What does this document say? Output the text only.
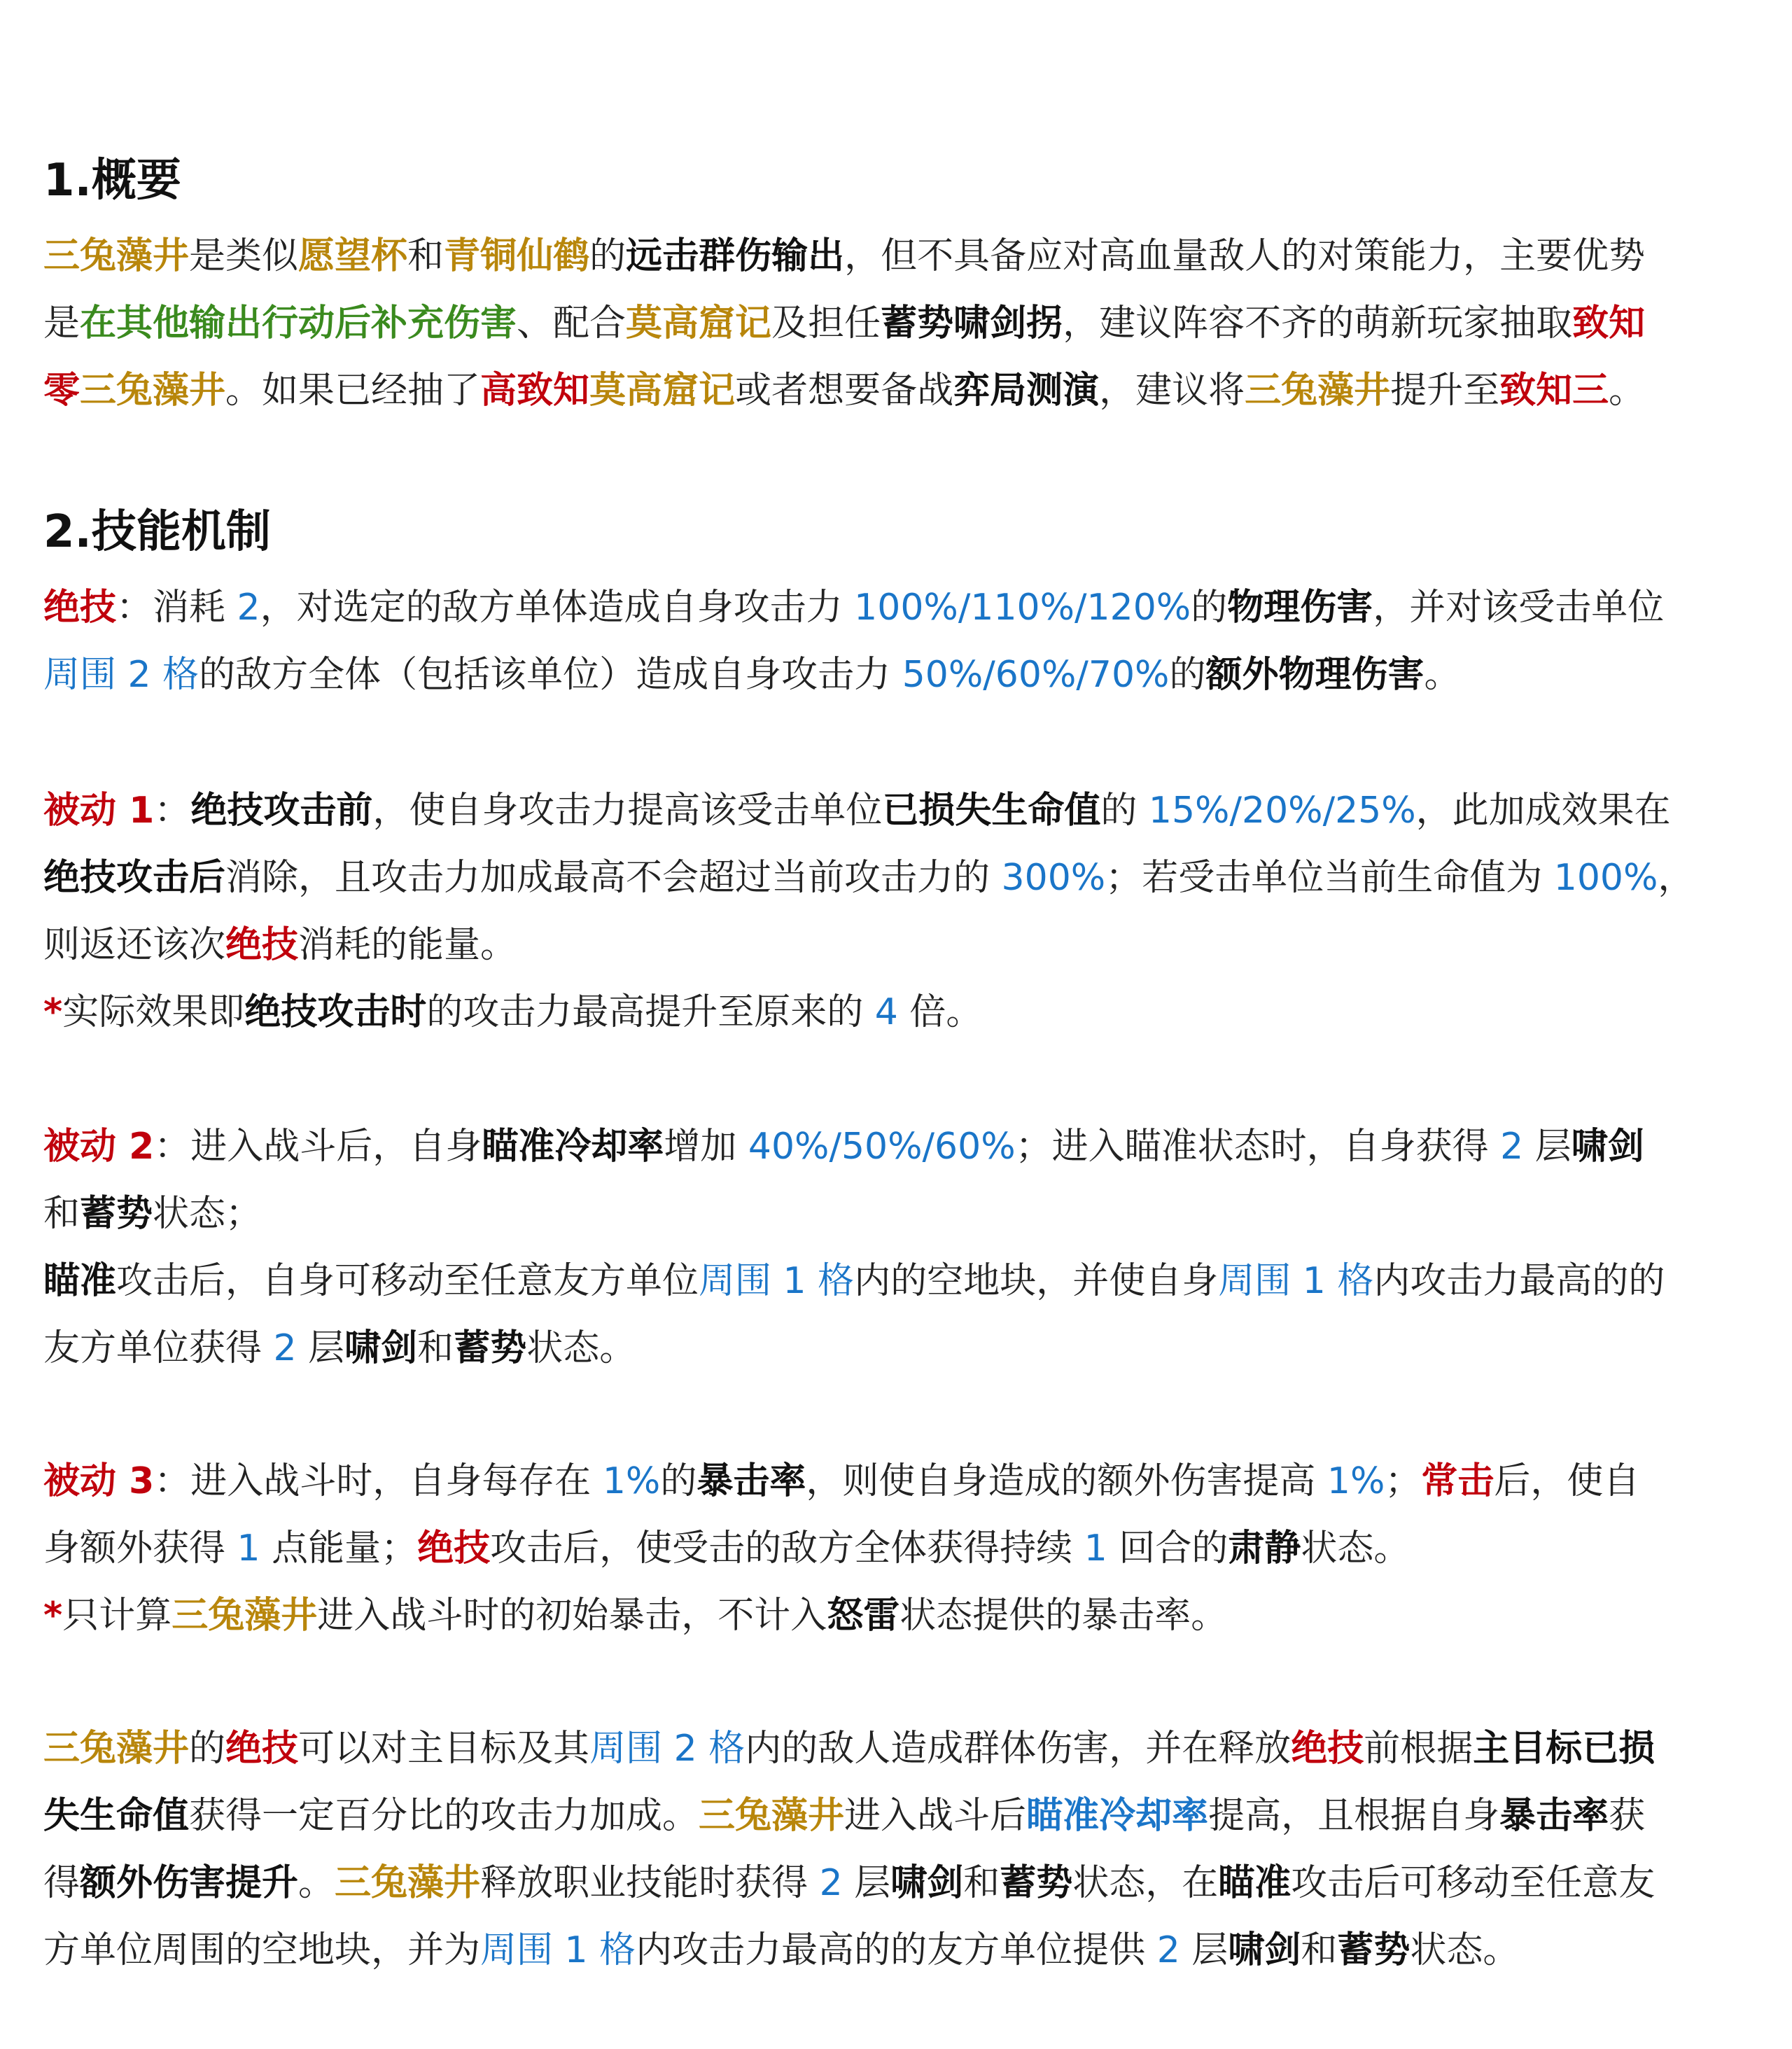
1.概要
三兔藻井是类似愿望杯和青铜仙鹤的远击群伤输出，但不具备应对高血量敌人的对策能力，主要优势
是在其他输出行动后补充伤害、配合莫高窟记及担任蓄势啸剑拐，建议阵容不齐的萌新玩家抽取致知
零三兔藻井。如果已经抽了高致知莫高窟记或者想要备战弈局测演，建议将三兔藻井提升至致知三。
2.技能机制
绝技：消耗 2，对选定的敌方单体造成自身攻击力 100%/110%/120%的物理伤害，并对该受击单位
周围 2 格的敌方全体（包括该单位）造成自身攻击力 50%/60%/70%的额外物理伤害。
被动 1：绝技攻击前，使自身攻击力提高该受击单位已损失生命值的 15%/20%/25%，此加成效果在
绝技攻击后消除，且攻击力加成最高不会超过当前攻击力的 300%；若受击单位当前生命值为 100%，
则返还该次绝技消耗的能量。
*实际效果即绝技攻击时的攻击力最高提升至原来的 4 倍。
被动 2：进入战斗后，自身瞄准冷却率增加 40%/50%/60%；进入瞄准状态时，自身获得 2 层啸剑
和蓄势状态；
瞄准攻击后，自身可移动至任意友方单位周围 1 格内的空地块，并使自身周围 1 格内攻击力最高的的
友方单位获得 2 层啸剑和蓄势状态。
被动 3：进入战斗时，自身每存在 1%的暴击率，则使自身造成的额外伤害提高 1%；常击后，使自
身额外获得 1 点能量；绝技攻击后，使受击的敌方全体获得持续 1 回合的肃静状态。
*只计算三兔藻井进入战斗时的初始暴击，不计入怒雷状态提供的暴击率。
三兔藻井的绝技可以对主目标及其周围 2 格内的敌人造成群体伤害，并在释放绝技前根据主目标已损
失生命值获得一定百分比的攻击力加成。三兔藻井进入战斗后瞄准冷却率提高，且根据自身暴击率获
得额外伤害提升。三兔藻井释放职业技能时获得 2 层啸剑和蓄势状态，在瞄准攻击后可移动至任意友
方单位周围的空地块，并为周围 1 格内攻击力最高的的友方单位提供 2 层啸剑和蓄势状态。
